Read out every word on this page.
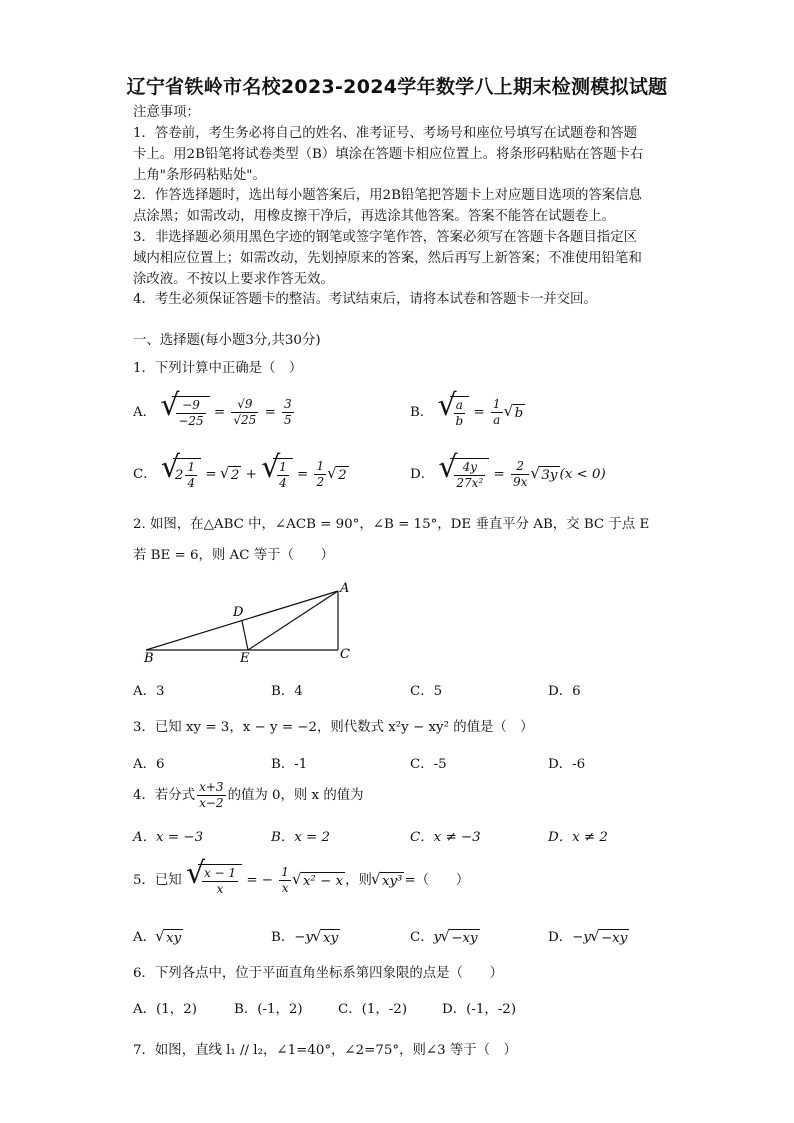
辽宁省铁岭市名校2023-2024学年数学八上期末检测模拟试题
注意事项：
1．答卷前，考生务必将自己的姓名、准考证号、考场号和座位号填写在试题卷和答题
卡上。用2B铅笔将试卷类型（B）填涂在答题卡相应位置上。将条形码粘贴在答题卡右
上角"条形码粘贴处"。
2．作答选择题时，选出每小题答案后，用2B铅笔把答题卡上对应题目选项的答案信息
点涂黑；如需改动，用橡皮擦干净后，再选涂其他答案。答案不能答在试题卷上。
3．非选择题必须用黑色字迹的钢笔或签字笔作答，答案必须写在答题卡各题目指定区
域内相应位置上；如需改动，先划掉原来的答案，然后再写上新答案；不准使用铅笔和
涂改液。不按以上要求作答无效。
4．考生必须保证答题卡的整洁。考试结束后，请将本试卷和答题卡一并交回。
一、选择题(每小题3分,共30分)
1．下列计算中正确是（　）
A． √ $\frac{-9}{-25} = \frac{√9}{√25} = \frac{3}{5}$	B． √ $\frac{a}{b} = \frac{1}{a}$ √ b
C． √ $2 \frac{1}{4}$ = √ 2 + √ $\frac{1}{4} = \frac{1}{2}$ √ 2	D． √ $\frac{4y}{\text{27x²}} = \frac{2}{9x}$ √ 3y (x < 0)
2. 如图，在△ABC 中，∠ACB = 90°，∠B = 15°，DE 垂直平分 AB，交 BC 于点 E
若 BE = 6，则 AC 等于（　　）
A
B	C
D
E
A．3	B．4	C．5	D．6
3．已知 xy = 3，x − y = −2，则代数式 x²y − xy² 的值是（　）
A．6	B．-1	C．-5	D．-6
4．若分式 $\frac{x+3}{x-2}$ 的值为 0，则 x 的值为
A．x = −3	B．x = 2	C．x ≠ −3	D．x ≠ 2
5．已知 √ $\frac{x - 1}{x}$ = − $\frac{1}{x}$ √ x² − x ，则 √ xy³ =（　　）
A． √ xy	B．−y √ xy	C．y √ −xy	D．−y √ −xy
6．下列各点中，位于平面直角坐标系第四象限的点是（　　）
A．(1，2)	B．(-1，2)	C．(1，-2)	D．(-1，-2)
7．如图，直线 l₁ // l₂，∠1=40°，∠2=75°，则∠3 等于（　）
